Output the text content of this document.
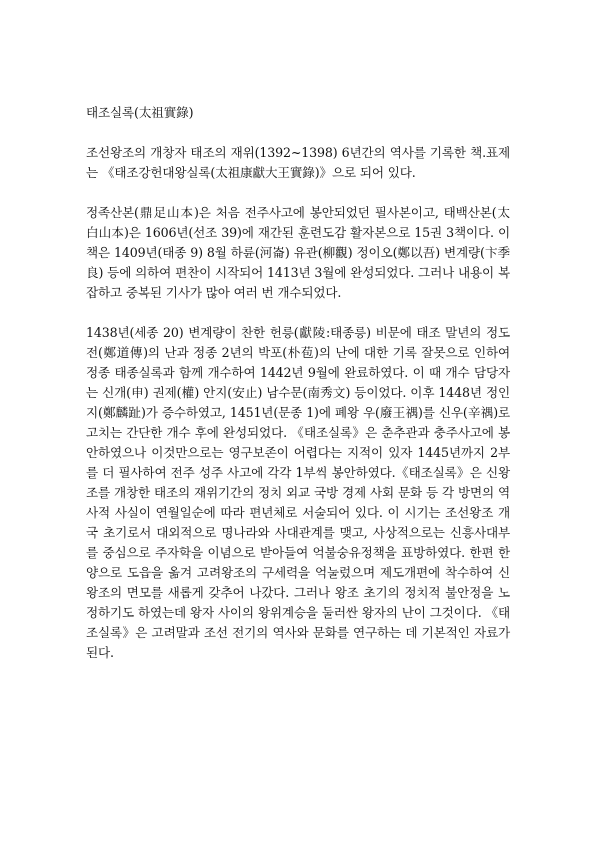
태조실록(太祖實錄)

조선왕조의 개창자 태조의 재위(1392~1398) 6년간의 역사를 기록한 책.표제는 《태조강헌대왕실록(太祖康獻大王實錄)》으로 되어 있다.

정족산본(鼎足山本)은 처음 전주사고에 봉안되었던 필사본이고, 태백산본(太白山本)은 1606년(선조 39)에 재간된 훈련도감 활자본으로 15권 3책이다. 이 책은 1409년(태종 9) 8월 하륜(河崙) 유관(柳觀) 정이오(鄭以吾) 변계량(卞季良) 등에 의하여 편찬이 시작되어 1413년 3월에 완성되었다. 그러나 내용이 복잡하고 중복된 기사가 많아 여러 번 개수되었다.

1438년(세종 20) 변계량이 찬한 헌릉(獻陵:태종릉) 비문에 태조 말년의 정도전(鄭道傳)의 난과 정종 2년의 박포(朴苞)의 난에 대한 기록 잘못으로 인하여 정종 태종실록과 함께 개수하여 1442년 9월에 완료하였다. 이 때 개수 담당자는 신개(申) 권제(權) 안지(安止) 남수문(南秀文) 등이었다. 이후 1448년 정인지(鄭麟趾)가 증수하였고, 1451년(문종 1)에 폐왕 우(廢王禑)를 신우(辛禑)로 고치는 간단한 개수 후에 완성되었다. 《태조실록》은 춘추관과 충주사고에 봉안하였으나 이것만으로는 영구보존이 어렵다는 지적이 있자 1445년까지 2부를 더 필사하여 전주 성주 사고에 각각 1부씩 봉안하였다.《태조실록》은 신왕조를 개창한 태조의 재위기간의 정치 외교 국방 경제 사회 문화 등 각 방면의 역사적 사실이 연월일순에 따라 편년체로 서술되어 있다. 이 시기는 조선왕조 개국 초기로서 대외적으로 명나라와 사대관계를 맺고, 사상적으로는 신흥사대부를 중심으로 주자학을 이념으로 받아들여 억불숭유정책을 표방하였다. 한편 한양으로 도읍을 옮겨 고려왕조의 구세력을 억눌렀으며 제도개편에 착수하여 신왕조의 면모를 새롭게 갖추어 나갔다. 그러나 왕조 초기의 정치적 불안정을 노정하기도 하였는데 왕자 사이의 왕위계승을 둘러싼 왕자의 난이 그것이다. 《태조실록》은 고려말과 조선 전기의 역사와 문화를 연구하는 데 기본적인 자료가 된다.
